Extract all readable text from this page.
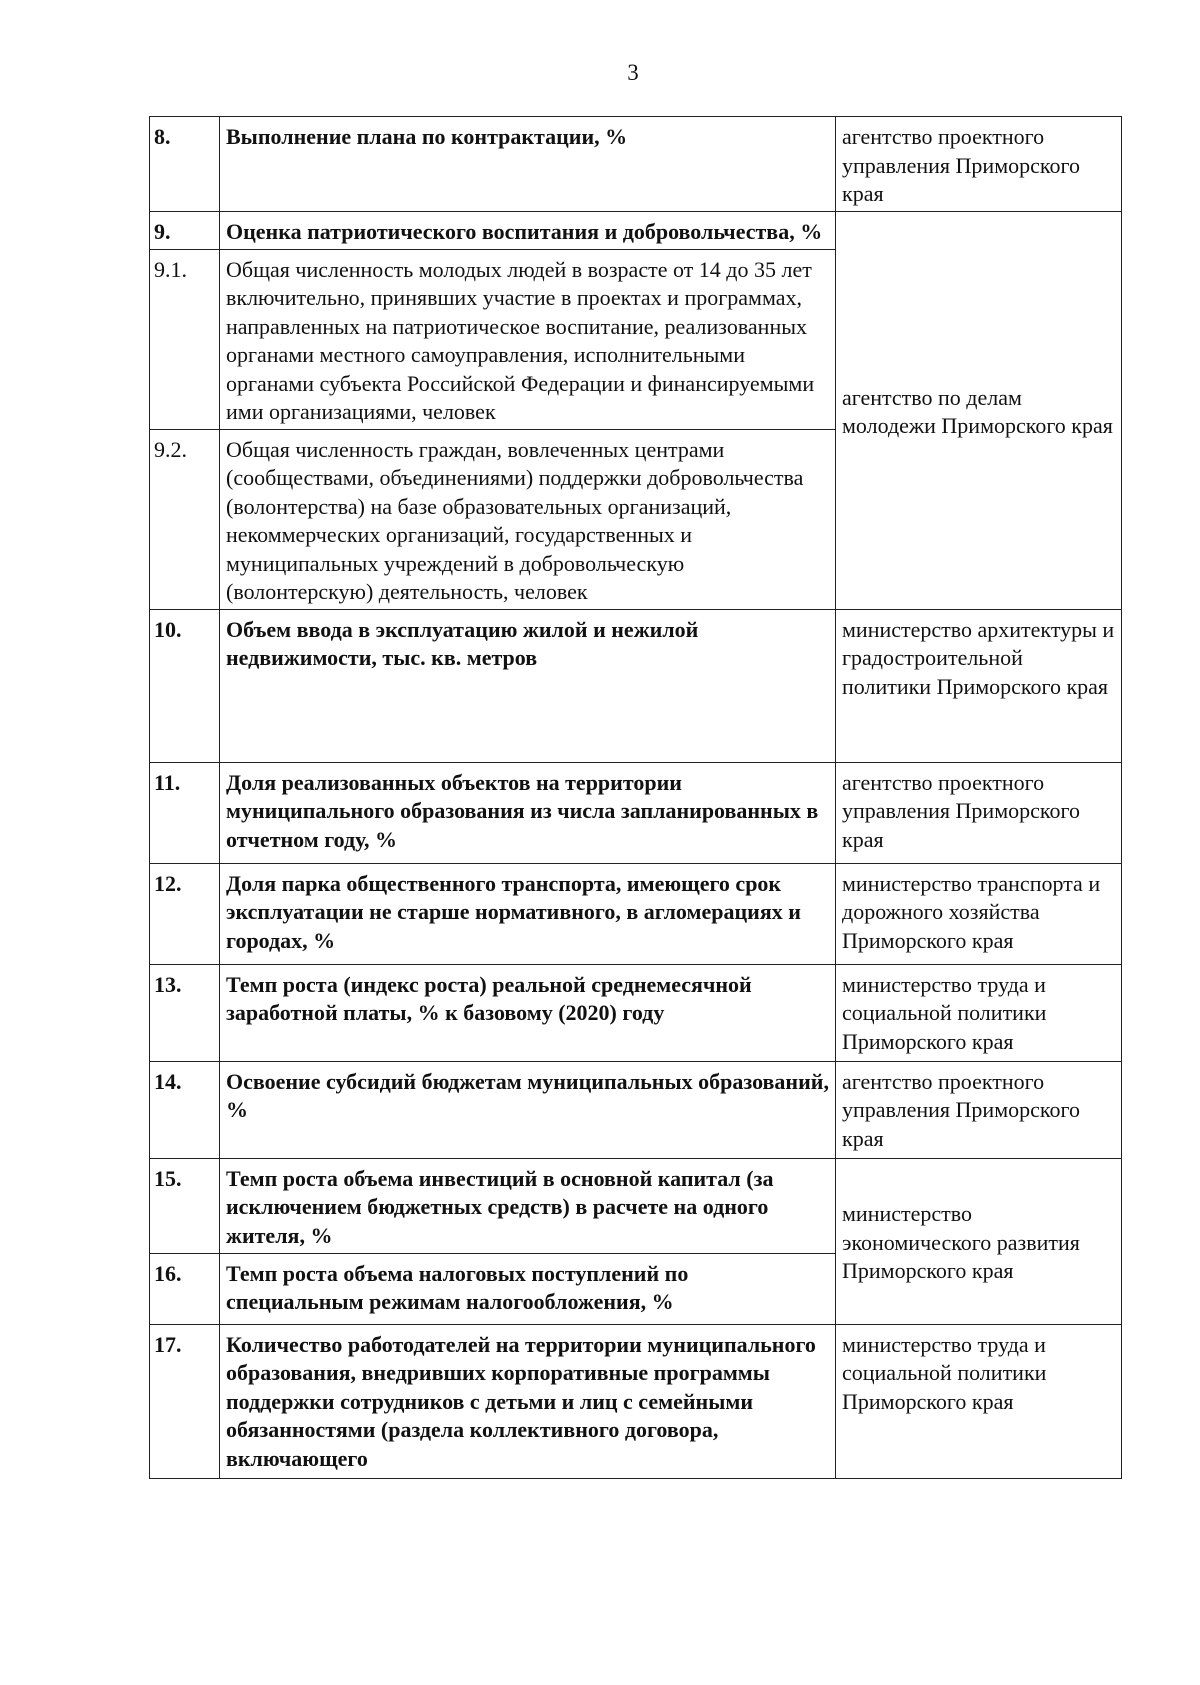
3
8.	Выполнение плана по контрактации, %	агентство проектного управления Приморского края
9.	Оценка патриотического воспитания и добровольчества, %	агентство по делам молодежи Приморского края
9.1.	Общая численность молодых людей в возрасте от 14 до 35 лет включительно, принявших участие в проектах и программах, направленных на патриотическое воспитание, реализованных органами местного самоуправления, исполнительными органами субъекта Российской Федерации и финансируемыми ими организациями, человек	
9.2.	Общая численность граждан, вовлеченных центрами (сообществами, объединениями) поддержки добровольчества (волонтерства) на базе образовательных организаций, некоммерческих организаций, государственных и муниципальных учреждений в добровольческую (волонтерскую) деятельность, человек	
10.	Объем ввода в эксплуатацию жилой и нежилой недвижимости, тыс. кв. метров	министерство архитектуры и градостроительной политики Приморского края
11.	Доля реализованных объектов на территории муниципального образования из числа запланированных в отчетном году, %	агентство проектного управления Приморского края
12.	Доля парка общественного транспорта, имеющего срок эксплуатации не старше нормативного, в агломерациях и городах, %	министерство транспорта и дорожного хозяйства Приморского края
13.	Темп роста (индекс роста) реальной среднемесячной заработной платы, % к базовому (2020) году	министерство труда и социальной политики Приморского края
14.	Освоение субсидий бюджетам муниципальных образований, %	агентство проектного управления Приморского края
15.	Темп роста объема инвестиций в основной капитал (за исключением бюджетных средств) в расчете на одного жителя, %	министерство экономического развития Приморского края
16.	Темп роста объема налоговых поступлений по специальным режимам налогообложения, %	
17.	Количество работодателей на территории муниципального образования, внедривших корпоративные программы поддержки сотрудников с детьми и лиц с семейными обязанностями (раздела коллективного договора, включающего	министерство труда и социальной политики Приморского края
